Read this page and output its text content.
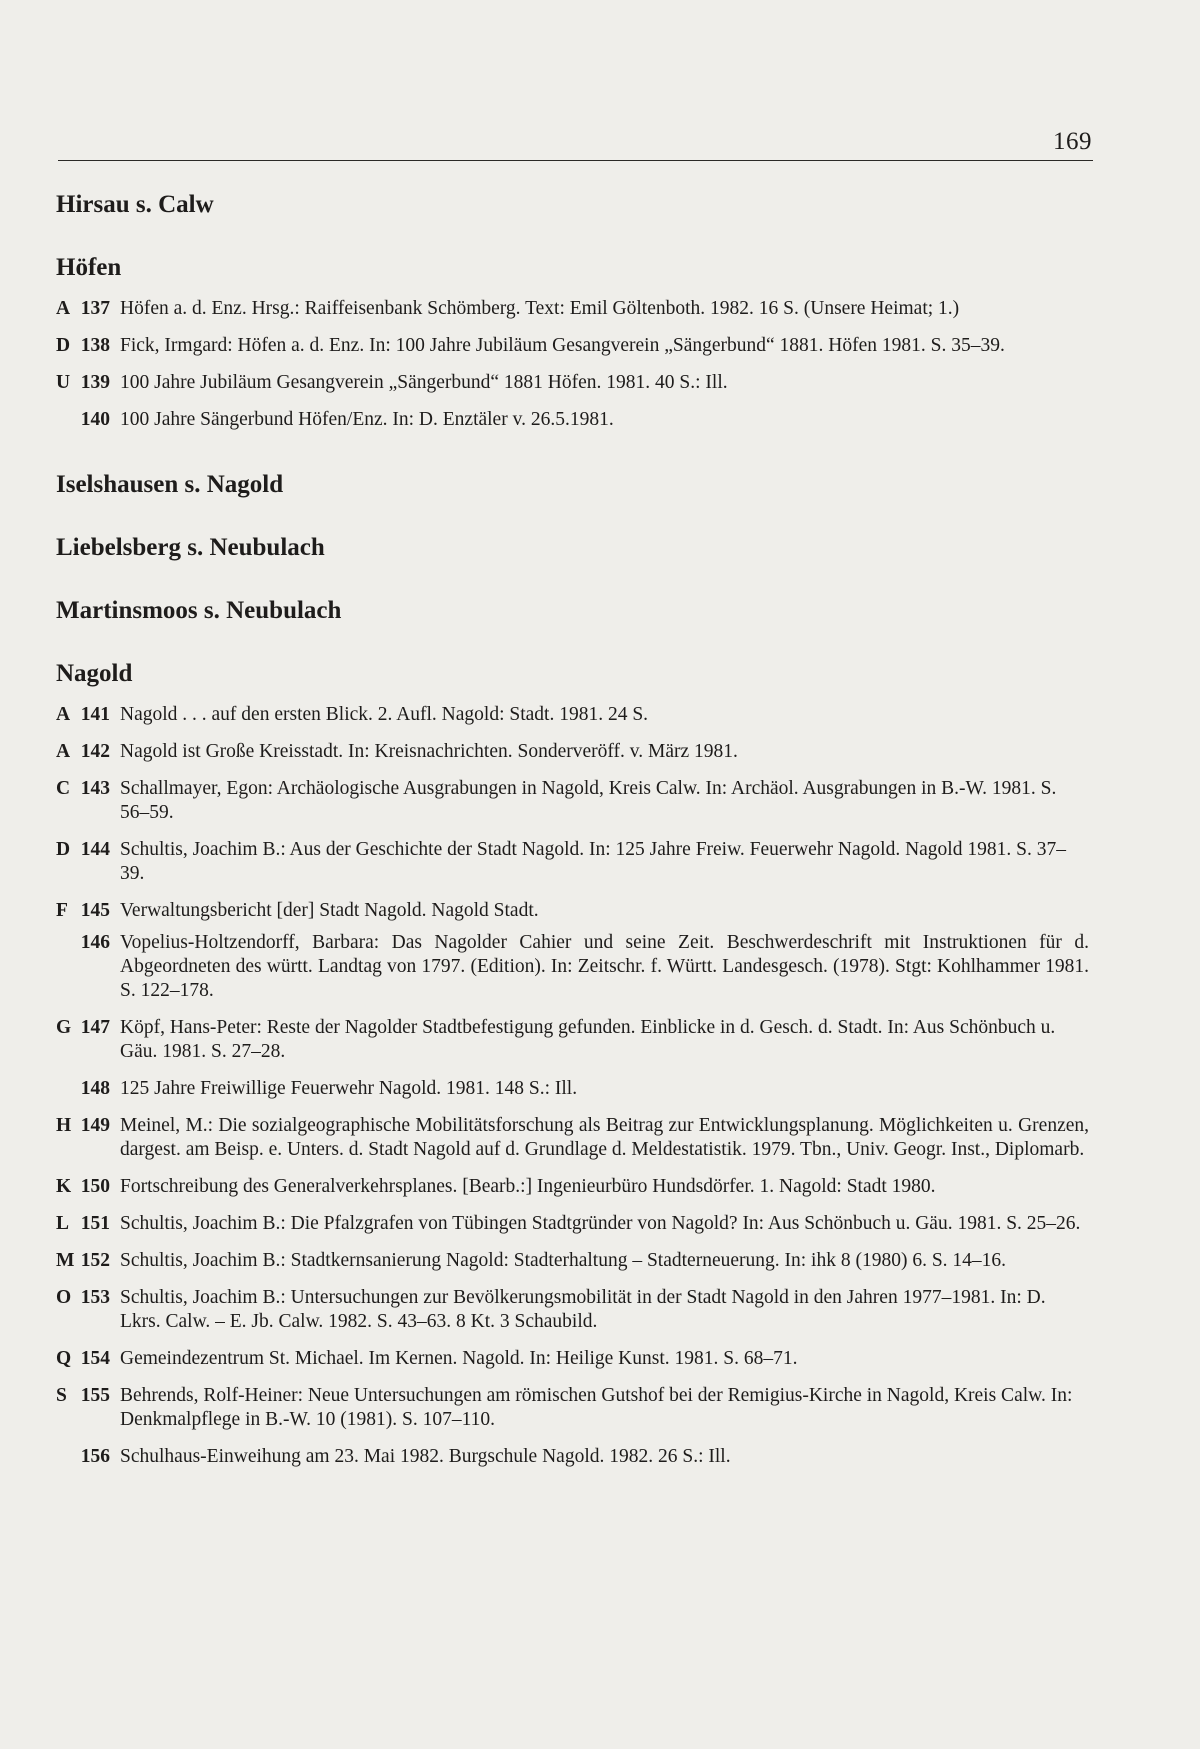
169
Hirsau s. Calw
Höfen
A 137 Höfen a. d. Enz. Hrsg.: Raiffeisenbank Schömberg. Text: Emil Göltenboth. 1982. 16 S. (Unsere Heimat; 1.)
D 138 Fick, Irmgard: Höfen a. d. Enz. In: 100 Jahre Jubiläum Gesangverein „Sängerbund“ 1881. Höfen 1981. S. 35–39.
U 139 100 Jahre Jubiläum Gesangverein „Sängerbund“ 1881 Höfen. 1981. 40 S.: Ill.
140 100 Jahre Sängerbund Höfen/Enz. In: D. Enztäler v. 26.5.1981.
Iselshausen s. Nagold
Liebelsberg s. Neubulach
Martinsmoos s. Neubulach
Nagold
A 141 Nagold . . . auf den ersten Blick. 2. Aufl. Nagold: Stadt. 1981. 24 S.
A 142 Nagold ist Große Kreisstadt. In: Kreisnachrichten. Sonderveröff. v. März 1981.
C 143 Schallmayer, Egon: Archäologische Ausgrabungen in Nagold, Kreis Calw. In: Archäol. Ausgrabungen in B.-W. 1981. S. 56–59.
D 144 Schultis, Joachim B.: Aus der Geschichte der Stadt Nagold. In: 125 Jahre Freiw. Feuerwehr Nagold. Nagold 1981. S. 37–39.
F 145 Verwaltungsbericht [der] Stadt Nagold. Nagold Stadt.
146 Vopelius-Holtzendorff, Barbara: Das Nagolder Cahier und seine Zeit. Beschwerdeschrift mit Instruktionen für d. Abgeordneten des württ. Landtag von 1797. (Edition). In: Zeitschr. f. Württ. Landesgesch. (1978). Stgt: Kohlhammer 1981. S. 122–178.
G 147 Köpf, Hans-Peter: Reste der Nagolder Stadtbefestigung gefunden. Einblicke in d. Gesch. d. Stadt. In: Aus Schönbuch u. Gäu. 1981. S. 27–28.
148 125 Jahre Freiwillige Feuerwehr Nagold. 1981. 148 S.: Ill.
H 149 Meinel, M.: Die sozialgeographische Mobilitätsforschung als Beitrag zur Entwicklungsplanung. Möglichkeiten u. Grenzen, dargest. am Beisp. e. Unters. d. Stadt Nagold auf d. Grundlage d. Meldestatistik. 1979. Tbn., Univ. Geogr. Inst., Diplomarb.
K 150 Fortschreibung des Generalverkehrsplanes. [Bearb.:] Ingenieurbüro Hundsdörfer. 1. Nagold: Stadt 1980.
L 151 Schultis, Joachim B.: Die Pfalzgrafen von Tübingen Stadtgründer von Nagold? In: Aus Schönbuch u. Gäu. 1981. S. 25–26.
M 152 Schultis, Joachim B.: Stadtkernsanierung Nagold: Stadterhaltung – Stadterneuerung. In: ihk 8 (1980) 6. S. 14–16.
O 153 Schultis, Joachim B.: Untersuchungen zur Bevölkerungsmobilität in der Stadt Nagold in den Jahren 1977–1981. In: D. Lkrs. Calw. – E. Jb. Calw. 1982. S. 43–63. 8 Kt. 3 Schaubild.
Q 154 Gemeindezentrum St. Michael. Im Kernen. Nagold. In: Heilige Kunst. 1981. S. 68–71.
S 155 Behrends, Rolf-Heiner: Neue Untersuchungen am römischen Gutshof bei der Remigius-Kirche in Nagold, Kreis Calw. In: Denkmalpflege in B.-W. 10 (1981). S. 107–110.
156 Schulhaus-Einweihung am 23. Mai 1982. Burgschule Nagold. 1982. 26 S.: Ill.
